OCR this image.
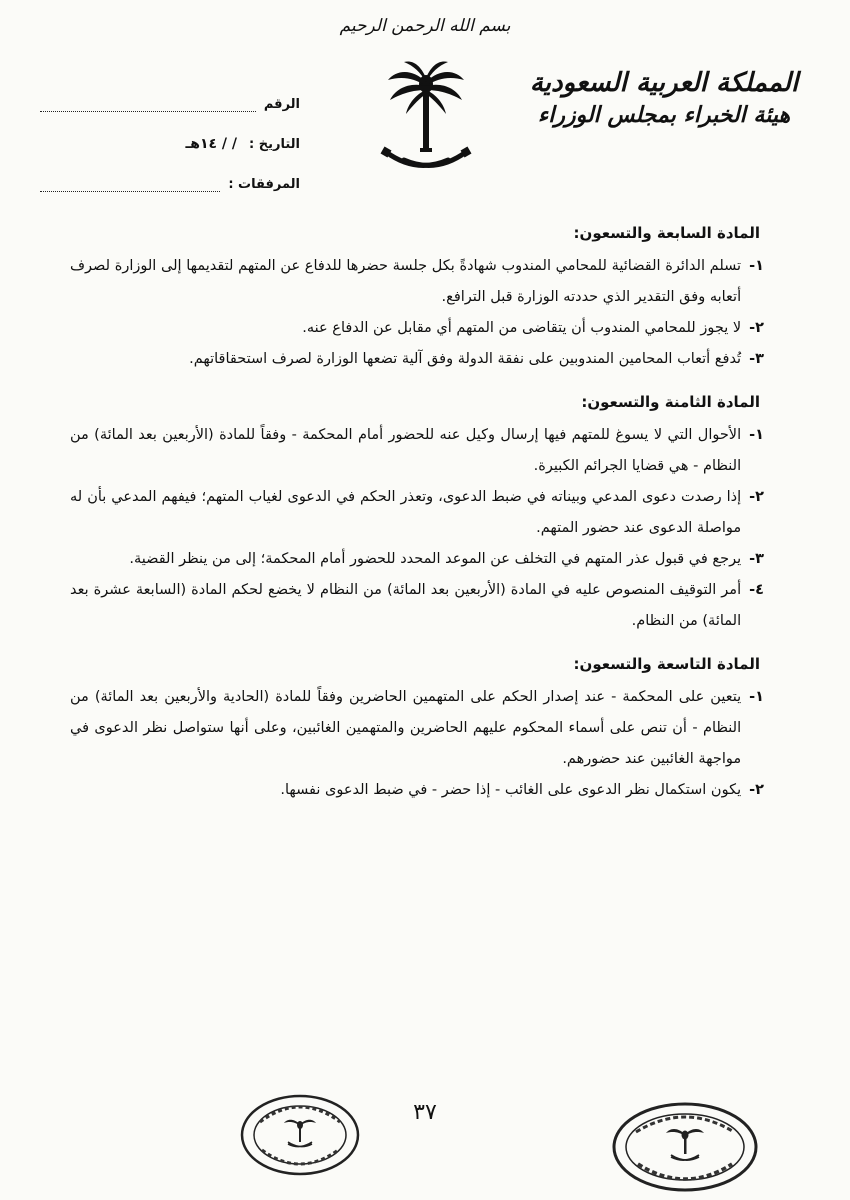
بسم الله الرحمن الرحيم
المملكة العربية السعودية
هيئة الخبراء بمجلس الوزراء
الرقم
التاريخ :
/ / ١٤هـ
المرفقات :
المادة السابعة والتسعون:
١-
تسلم الدائرة القضائية للمحامي المندوب شهادةً بكل جلسة حضرها للدفاع عن المتهم لتقديمها إلى الوزارة لصرف أتعابه وفق التقدير الذي حددته الوزارة قبل الترافع.
٢-
لا يجوز للمحامي المندوب أن يتقاضى من المتهم أي مقابل عن الدفاع عنه.
٣-
تُدفع أتعاب المحامين المندوبين على نفقة الدولة وفق آلية تضعها الوزارة لصرف استحقاقاتهم.
المادة الثامنة والتسعون:
١-
الأحوال التي لا يسوغ للمتهم فيها إرسال وكيل عنه للحضور أمام المحكمة - وفقاً للمادة (الأربعين بعد المائة) من النظام - هي قضايا الجرائم الكبيرة.
٢-
إذا رصدت دعوى المدعي وبيناته في ضبط الدعوى، وتعذر الحكم في الدعوى لغياب المتهم؛ فيفهم المدعي بأن له مواصلة الدعوى عند حضور المتهم.
٣-
يرجع في قبول عذر المتهم في التخلف عن الموعد المحدد للحضور أمام المحكمة؛ إلى من ينظر القضية.
٤-
أمر التوقيف المنصوص عليه في المادة (الأربعين بعد المائة) من النظام لا يخضع لحكم المادة (السابعة عشرة بعد المائة) من النظام.
المادة التاسعة والتسعون:
١-
يتعين على المحكمة - عند إصدار الحكم على المتهمين الحاضرين وفقاً للمادة (الحادية والأربعين بعد المائة) من النظام - أن تنص على أسماء المحكوم عليهم الحاضرين والمتهمين الغائبين، وعلى أنها ستواصل نظر الدعوى في مواجهة الغائبين عند حضورهم.
٢-
يكون استكمال نظر الدعوى على الغائب - إذا حضر - في ضبط الدعوى نفسها.
٣٧
